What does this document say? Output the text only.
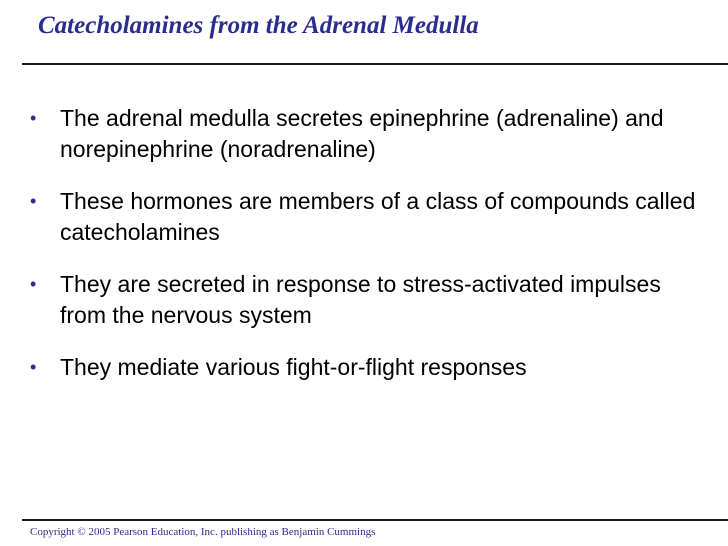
Catecholamines from the Adrenal Medulla
•	The adrenal medulla secretes epinephrine (adrenaline) and norepinephrine (noradrenaline)
•	These hormones are members of a class of compounds called catecholamines
•	They are secreted in response to stress-activated impulses from the nervous system
•	They mediate various fight-or-flight responses
Copyright © 2005 Pearson Education, Inc. publishing as Benjamin Cummings
